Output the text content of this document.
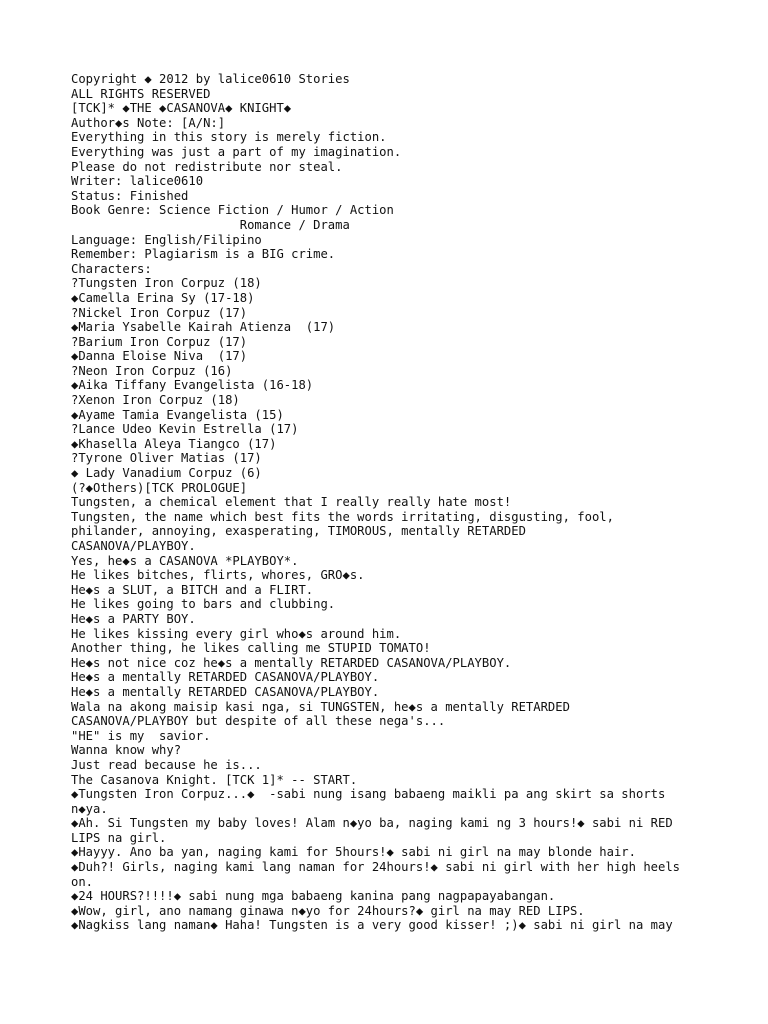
Copyright ◆ 2012 by lalice0610 Stories
ALL RIGHTS RESERVED
[TCK]* ◆THE ◆CASANOVA◆ KNIGHT◆
Author◆s Note: [A/N:]
Everything in this story is merely fiction.
Everything was just a part of my imagination.
Please do not redistribute nor steal.
Writer: lalice0610
Status: Finished
Book Genre: Science Fiction / Humor / Action
Romance / Drama
Language: English/Filipino
Remember: Plagiarism is a BIG crime.
Characters:
?Tungsten Iron Corpuz (18)
◆Camella Erina Sy (17-18)
?Nickel Iron Corpuz (17)
◆Maria Ysabelle Kairah Atienza  (17)
?Barium Iron Corpuz (17)
◆Danna Eloise Niva  (17)
?Neon Iron Corpuz (16)
◆Aika Tiffany Evangelista (16-18)
?Xenon Iron Corpuz (18)
◆Ayame Tamia Evangelista (15)
?Lance Udeo Kevin Estrella (17)
◆Khasella Aleya Tiangco (17)
?Tyrone Oliver Matias (17)
◆ Lady Vanadium Corpuz (6)
(?◆Others)[TCK PROLOGUE]
Tungsten, a chemical element that I really really hate most!
Tungsten, the name which best fits the words irritating, disgusting, fool,
philander, annoying, exasperating, TIMOROUS, mentally RETARDED
CASANOVA/PLAYBOY.
Yes, he◆s a CASANOVA *PLAYBOY*.
He likes bitches, flirts, whores, GRO◆s.
He◆s a SLUT, a BITCH and a FLIRT.
He likes going to bars and clubbing.
He◆s a PARTY BOY.
He likes kissing every girl who◆s around him.
Another thing, he likes calling me STUPID TOMATO!
He◆s not nice coz he◆s a mentally RETARDED CASANOVA/PLAYBOY.
He◆s a mentally RETARDED CASANOVA/PLAYBOY.
He◆s a mentally RETARDED CASANOVA/PLAYBOY.
Wala na akong maisip kasi nga, si TUNGSTEN, he◆s a mentally RETARDED
CASANOVA/PLAYBOY but despite of all these nega's...
"HE" is my  savior.
Wanna know why?
Just read because he is...
The Casanova Knight. [TCK 1]* -- START.
◆Tungsten Iron Corpuz...◆  -sabi nung isang babaeng maikli pa ang skirt sa shorts
n◆ya.
◆Ah. Si Tungsten my baby loves! Alam n◆yo ba, naging kami ng 3 hours!◆ sabi ni RED
LIPS na girl.
◆Hayyy. Ano ba yan, naging kami for 5hours!◆ sabi ni girl na may blonde hair.
◆Duh?! Girls, naging kami lang naman for 24hours!◆ sabi ni girl with her high heels
on.
◆24 HOURS?!!!!◆ sabi nung mga babaeng kanina pang nagpapayabangan.
◆Wow, girl, ano namang ginawa n◆yo for 24hours?◆ girl na may RED LIPS.
◆Nagkiss lang naman◆ Haha! Tungsten is a very good kisser! ;)◆ sabi ni girl na may
